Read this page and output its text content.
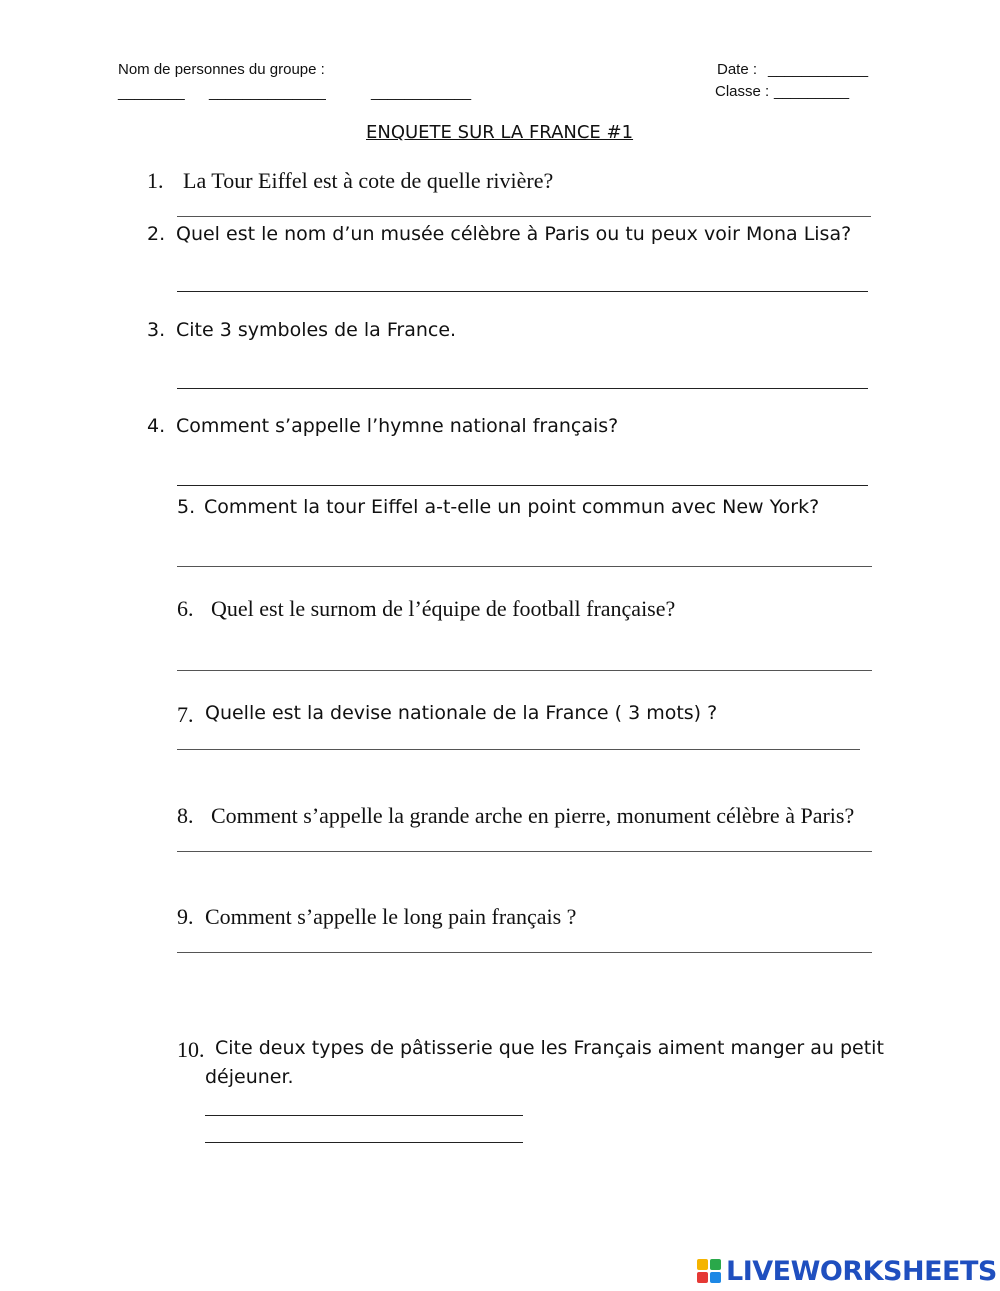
Nom de personnes du groupe :
________ ______________	____________
Date : ____________
Classe : _________
ENQUETE SUR LA FRANCE #1
1. La Tour Eiffel est à cote de quelle rivière?
2. Quel est le nom d’un musée célèbre à Paris ou tu peux voir Mona Lisa?
3. Cite 3 symboles de la France.
4. Comment s’appelle l’hymne national français?
5. Comment la tour Eiffel a-t-elle un point commun avec New York?
6. Quel est le surnom de l’équipe de football française?
7. Quelle est la devise nationale de la France ( 3 mots) ?
8. Comment s’appelle la grande arche en pierre, monument célèbre à Paris?
9. Comment s’appelle le long pain français ?
10. Cite deux types de pâtisserie que les Français aiment manger au petit
déjeuner.
LIVEWORKSHEETS
